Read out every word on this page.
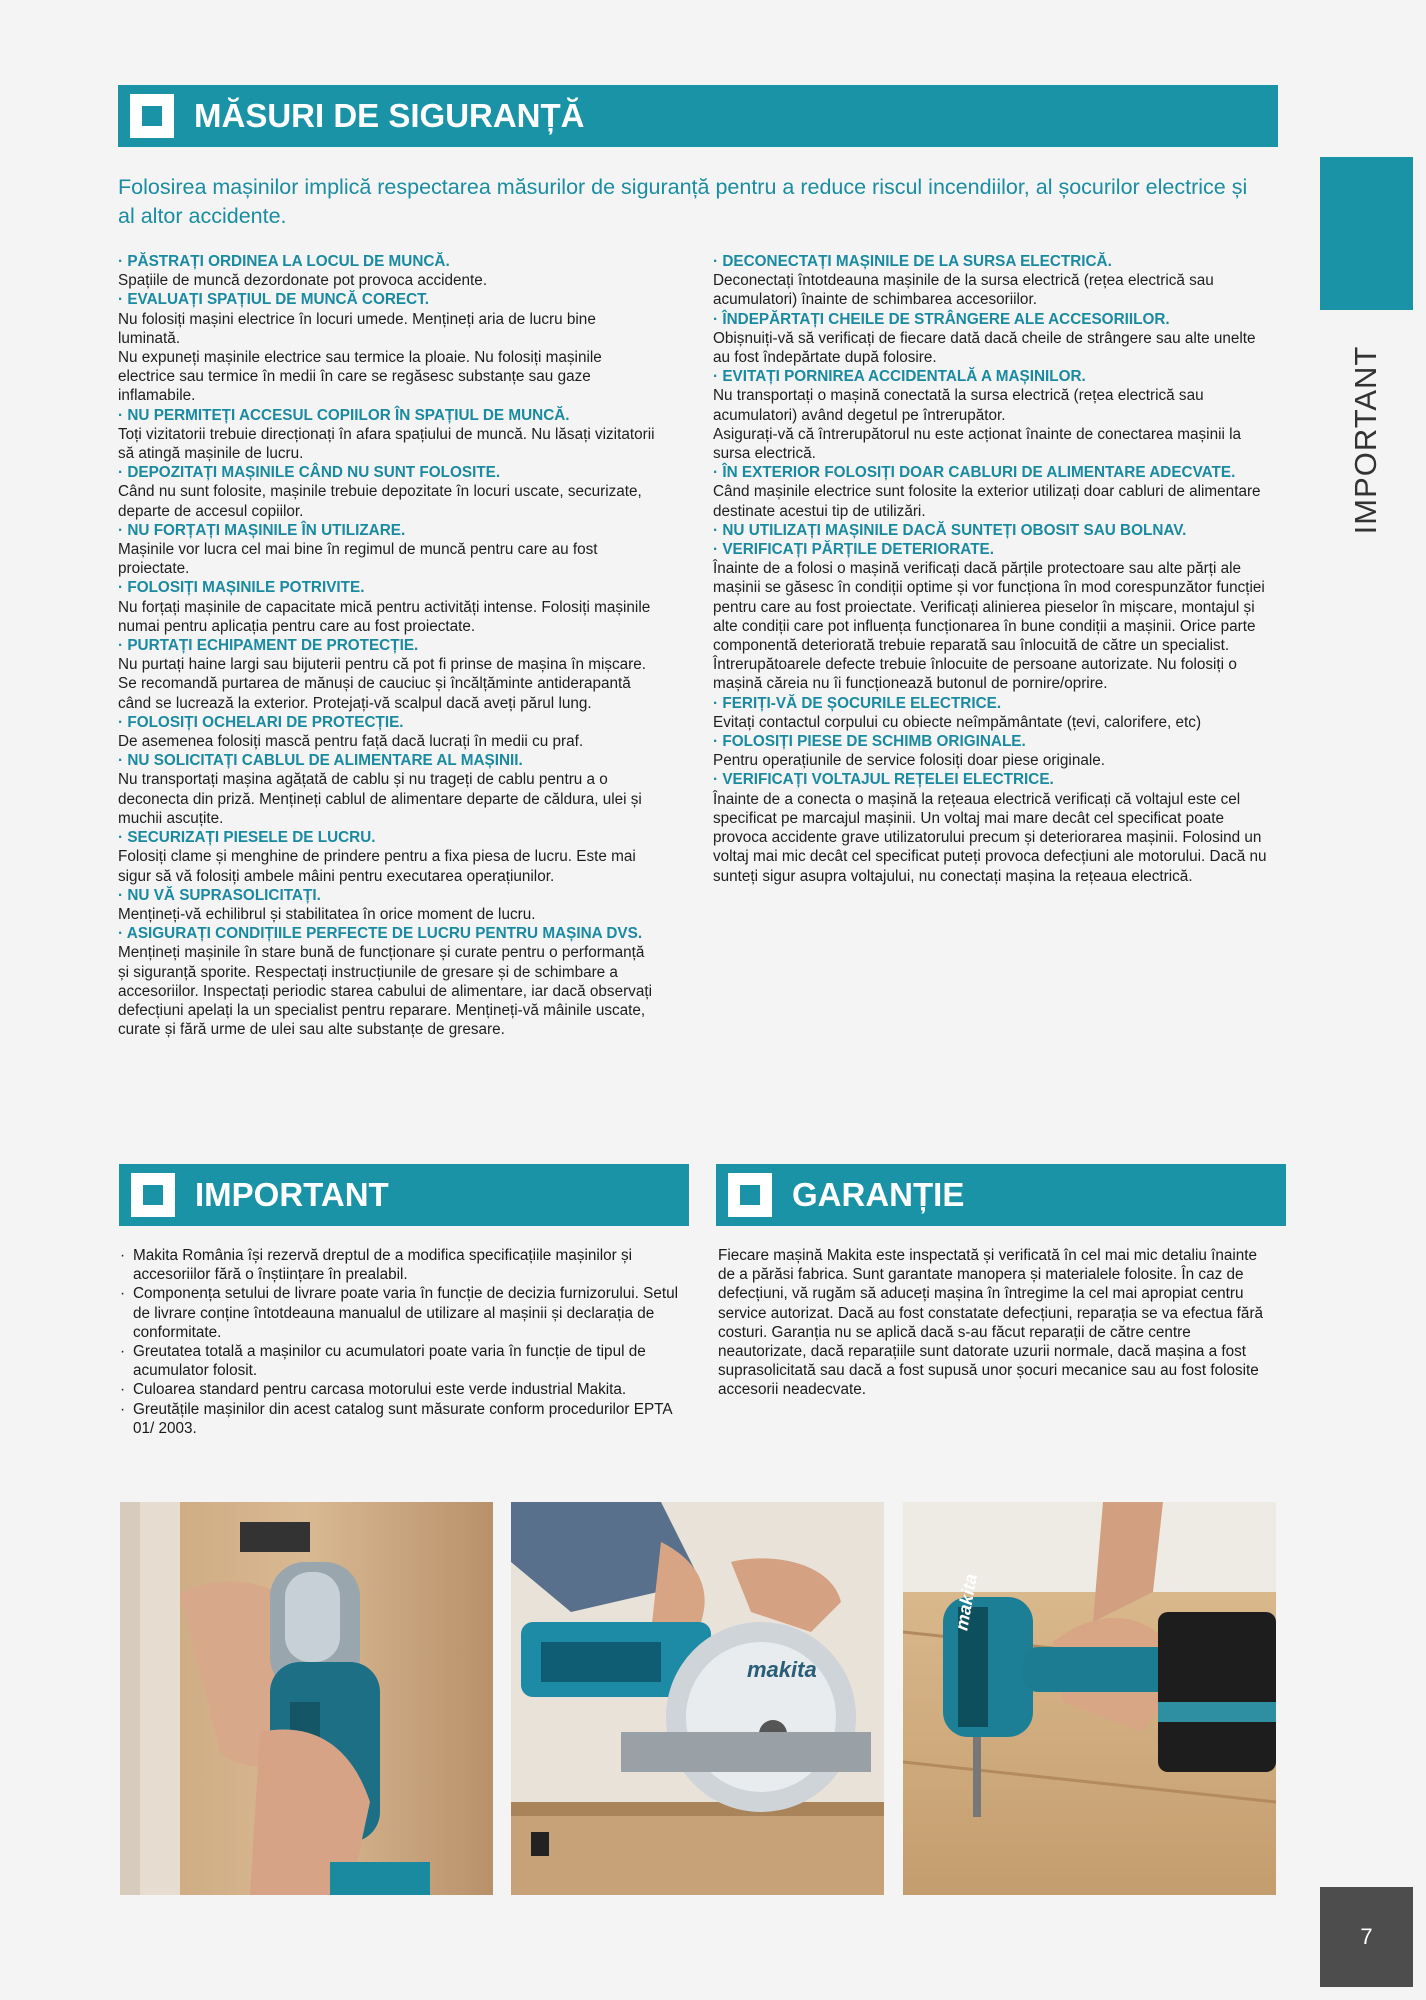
MĂSURI DE SIGURANȚĂ
IMPORTANT

Folosirea mașinilor implică respectarea măsurilor de siguranță pentru a reduce riscul incendiilor, al șocurilor electrice și al altor accidente.

· PĂSTRAȚI ORDINEA LA LOCUL DE MUNCĂ.
Spațiile de muncă dezordonate pot provoca accidente.
· EVALUAȚI SPAȚIUL DE MUNCĂ CORECT.
Nu folosiți mașini electrice în locuri umede. Mențineți aria de lucru bine luminată.
Nu expuneți mașinile electrice sau termice la ploaie. Nu folosiți mașinile electrice sau termice în medii în care se regăsesc substanțe sau gaze inflamabile.
· NU PERMITEȚI ACCESUL COPIILOR ÎN SPAȚIUL DE MUNCĂ.
Toți vizitatorii trebuie direcționați în afara spațiului de muncă. Nu lăsați vizitatorii să atingă mașinile de lucru.
· DEPOZITAȚI MAȘINILE CÂND NU SUNT FOLOSITE.
Când nu sunt folosite, mașinile trebuie depozitate în locuri uscate, securizate, departe de accesul copiilor.
· NU FORȚAȚI MAȘINILE ÎN UTILIZARE.
Mașinile vor lucra cel mai bine în regimul de muncă pentru care au fost proiectate.
· FOLOSIȚI MAȘINILE POTRIVITE.
Nu forțați mașinile de capacitate mică pentru activități intense. Folosiți mașinile numai pentru aplicația pentru care au fost proiectate.
· PURTAȚI ECHIPAMENT DE PROTECȚIE.
Nu purtați haine largi sau bijuterii pentru că pot fi prinse de mașina în mișcare. Se recomandă purtarea de mănuși de cauciuc și încălțăminte antiderapantă când se lucrează la exterior. Protejați-vă scalpul dacă aveți părul lung.
· FOLOSIȚI OCHELARI DE PROTECȚIE.
De asemenea folosiți mască pentru față dacă lucrați în medii cu praf.
· NU SOLICITAȚI CABLUL DE ALIMENTARE AL MAȘINII.
Nu transportați mașina agățată de cablu și nu trageți de cablu pentru a o deconecta din priză. Mențineți cablul de alimentare departe de căldura, ulei și muchii ascuțite.
· SECURIZAȚI PIESELE DE LUCRU.
Folosiți clame și menghine de prindere pentru a fixa piesa de lucru. Este mai sigur să vă folosiți ambele mâini pentru executarea operațiunilor.
· NU VĂ SUPRASOLICITAȚI.
Mențineți-vă echilibrul și stabilitatea în orice moment de lucru.
· ASIGURAȚI CONDIȚIILE PERFECTE DE LUCRU PENTRU MAȘINA DVS.
Mențineți mașinile în stare bună de funcționare și curate pentru o performanță și siguranță sporite. Respectați instrucțiunile de gresare și de schimbare a accesoriilor. Inspectați periodic starea cabului de alimentare, iar dacă observați defecțiuni apelați la un specialist pentru reparare. Mențineți-vă mâinile uscate, curate și fără urme de ulei sau alte substanțe de gresare.
· DECONECTAȚI MAȘINILE DE LA SURSA ELECTRICĂ.
Deconectați întotdeauna mașinile de la sursa electrică (rețea electrică sau acumulatori) înainte de schimbarea accesoriilor.
· ÎNDEPĂRTAȚI CHEILE DE STRÂNGERE ALE ACCESORIILOR.
Obișnuiți-vă să verificați de fiecare dată dacă cheile de strângere sau alte unelte au fost îndepărtate după folosire.
· EVITAȚI PORNIREA ACCIDENTALĂ A MAȘINILOR.
Nu transportați o mașină conectată la sursa electrică (rețea electrică sau acumulatori) având degetul pe întrerupător.
Asigurați-vă că întrerupătorul nu este acționat înainte de conectarea mașinii la sursa electrică.
· ÎN EXTERIOR FOLOSIȚI DOAR CABLURI DE ALIMENTARE ADECVATE.
Când mașinile electrice sunt folosite la exterior utilizați doar cabluri de alimentare destinate acestui tip de utilizări.
· NU UTILIZAȚI MAȘINILE DACĂ SUNTEȚI OBOSIT SAU BOLNAV.
· VERIFICAȚI PĂRȚILE DETERIORATE.
Înainte de a folosi o mașină verificați dacă părțile protectoare sau alte părți ale mașinii se găsesc în condiții optime și vor funcționa în mod corespunzător funcției pentru care au fost proiectate. Verificați alinierea pieselor în mișcare, montajul și alte condiții care pot influența funcționarea în bune condiții a mașinii. Orice parte componentă deteriorată trebuie reparată sau înlocuită de către un specialist. Întrerupătoarele defecte trebuie înlocuite de persoane autorizate. Nu folosiți o mașină căreia nu îi funcționează butonul de pornire/oprire.
· FERIȚI-VĂ DE ȘOCURILE ELECTRICE.
Evitați contactul corpului cu obiecte neîmpământate (țevi, calorifere, etc)
· FOLOSIȚI PIESE DE SCHIMB ORIGINALE.
Pentru operațiunile de service folosiți doar piese originale.
· VERIFICAȚI VOLTAJUL REȚELEI ELECTRICE.
Înainte de a conecta o mașină la rețeaua electrică verificați că voltajul este cel specificat pe marcajul mașinii. Un voltaj mai mare decât cel specificat poate provoca accidente grave utilizatorului precum și deteriorarea mașinii. Folosind un voltaj mai mic decât cel specificat puteți provoca defecțiuni ale motorului. Dacă nu sunteți sigur asupra voltajului, nu conectați mașina la rețeaua electrică.
IMPORTANT
· Makita România își rezervă dreptul de a modifica specificațiile mașinilor și accesoriilor fără o înștiințare în prealabil.
· Componența setului de livrare poate varia în funcție de decizia furnizorului. Setul de livrare conține întotdeauna manualul de utilizare al mașinii și declarația de conformitate.
· Greutatea totală a mașinilor cu acumulatori poate varia în funcție de tipul de acumulator folosit.
· Culoarea standard pentru carcasa motorului este verde industrial Makita.
· Greutățile mașinilor din acest catalog sunt măsurate conform procedurilor EPTA 01/ 2003.
GARANȚIE

Fiecare mașină Makita este inspectată și verificată în cel mai mic detaliu înainte de a părăsi fabrica. Sunt garantate manopera și materialele folosite. În caz de defecțiuni, vă rugăm să aduceți mașina în întregime la cel mai apropiat centru service autorizat. Dacă au fost constatate defecțiuni, reparația se va efectua fără costuri. Garanția nu se aplică dacă s-au făcut reparații de către centre neautorizate, dacă reparațiile sunt datorate uzurii normale, dacă mașina a fost suprasolicitată sau dacă a fost supusă unor șocuri mecanice sau au fost folosite accesorii neadecvate.

makita
makita
7
